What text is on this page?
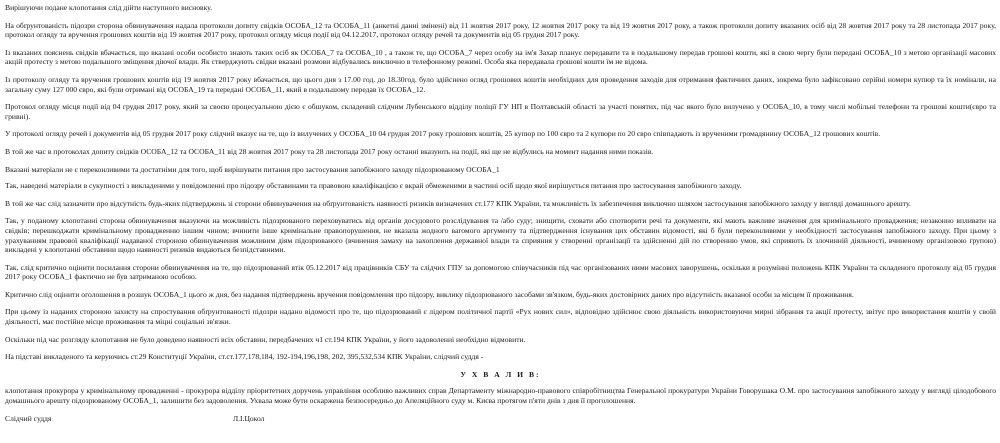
Вирішуючи подане клопотання слід дійти наступного висновку.

На обґрунтованість підозри сторона обвинувачення надала протоколи допиту свідків ОСОБА_12 та ОСОБА_11 (анкетні данні змінені) від 11 жовтня 2017 року, 12 жовтня 2017 року та від 19 жовтня 2017 року, а також протоколи допиту вказаних осіб від 28 жовтня 2017 року та 28 листопада 2017 року, протокол огляду та вручення грошових коштів від 19 жовтня 2017 року, протокол огляду місця події від 04.12.2017, протокол огляду речей та документів від 05 грудня 2017 року.

Із вказаних пояснень свідків вбачається, що вказані особи особисто знають таких осіб як ОСОБА_7 та ОСОБА_10 , а також те, що ОСОБА_7 через особу на ім'я Захар планує передавати та в подальшому передав грошові кошти, які в свою чергу були передані ОСОБА_10 з метою організації масових акцій протесту з метою подальшого зміщення діючої влади. Як стверджують свідки вказані розмови відбувались виключно в телефонному режимі. Особа яка передавала грошові кошти їм не відома.

Із протоколу огляду та вручення грошових коштів від 19 жовтня 2017 року вбачається, що цього дня з 17.00 год. до 18.30год. було здійснено огляд грошових коштів необхідних для проведення заходів для отримання фактичних даних, зокрема було зафіксовано серійні номери купюр та їх номінали, на загальну суму 127 000 євро, які були отримані від ОСОБА_19 та передані ОСОБА_11, який в подальшому передав їх ОСОБА_12.

Протокол огляду місця події від 04 грудня 2017 року, який за своєю процесуальною дією є обшуком, складений слідчим Лубенського відділу поліції ГУ НП в Полтавській області за участі понятих, під час якого було вилучено у ОСОБА_10, в тому числі мобільні телефони та грошові кошти(євро та гривні).

У протоколі огляду речей і документів від 05 грудня 2017 року слідчий вказує на те, що із вилучених у ОСОБА_10 04 грудня 2017 року грошових коштів, 25 купюр по 100 євро та 2 купюри по 20 євро співпадають із врученими громадянину ОСОБА_12 грошових коштів.

В той же час в протоколах допиту свідків ОСОБА_12 та ОСОБА_11 від 28 жовтня 2017 року та 28 листопада 2017 року останні вказують на події, які ще не відбулись на момент надання ними показів.

Вказані матеріали не є переконливими та достатніми для того, щоб вирішувати питання про застосування запобіжного заходу підозрюваному ОСОБА_1

Так, наведені матеріали в сукупності з викладеними у повідомленні про підозру обставинами та правовою кваліфікацією є вкрай обмеженими в частині осіб щодо якої вирішується питання про застосування запобіжного заходу.

В той же час слід зазначити про відсутність будь-яких підтверджень зі сторони обвинувачення на обґрунтованість наявності ризиків визначених ст.177 КПК України, та можливість їх забезпечення виключно шляхом застосування запобіжного заходу у вигляді домашнього арешту.

Так, у поданому клопотанні сторона обвинувачення вказуючи на можливість підозрюваного переховуватись від органів досудового розслідування та /або суду; знищити, сховати або спотворити речі та документи, які мають важливе значення для кримінального провадження; незаконно впливати на свідків; перешкоджати кримінальному провадженню іншим чином; вчинити інше кримінальне правопорушення, не вказала жодного вагомого аргументу та підтвердження існування цих обставин відомості, які б були переконливими у необхідності застосування запобіжного заходу. При цьому з урахуванням правової кваліфікації надаваної стороною обвинувачення можливим діям підозрюваного (вчинення замаху на захоплення державної влади та сприяння у створенні організації та здійсненні дій по створенню умов, які сприяють їх злочинній діяльності, вчиненому організовою групою) викладені у клопотанні обставини щодо наявності ризиків видаються безпідставними.

Так, слід критично оцінити посилання сторони обвинувачення на те, що підозрюваний втік 05.12.2017 від працівників СБУ та слідчих ГПУ за допомогою співучасників під час організованих ними масових заворушень, оскільки в розумінні положень КПК України та складеного протоколу від 05 грудня 2017 року ОСОБА_1 фактично не був затриманою особою.

Критично слід оцінити оголошення в розшук ОСОБА_1 цього ж дня, без надання підтверджень вручення повідомлення про підозру, виклику підозрюваного засобами зв'язком, будь-яких достовірних даних про відсутність вказаної особи за місцем її проживання.

При цьому із наданих стороною захисту на спростування обґрунтованості підозри надано відомості про те, що підозрюваний є лідером політичної партії «Рух нових сил», відповідно здійснює свою діяльність використовуючи мирні зібрання та акції протесту, звітує про використання коштів у своїй діяльності, має постійне місце проживання та міцні соціальні зв'язки.

Оскільки під час розгляду клопотання не було доведено наявності всіх обставин, передбачених ч1 ст.194 КПК України, у його задоволенні необхідно відмовити.

На підставі викладеного та керуючись ст.29 Конституції України, ст.ст.177,178,184, 192-194,196,198, 202, 395,532,534 КПК України, слідчий суддя -

У Х В А Л И В:

клопотання прокурора у кримінальному провадженні - прокурора відділу пріоритетних доручень управління особливо важливих справ Департаменту міжнародно-правового співробітництва Генеральної прокуратури України Говорушака О.М. про застосування запобіжного заходу у вигляді цілодобового домашнього арешту підозрюваному ОСОБА_1, залишити без задоволення. Ухвала може бути оскаржена безпосередньо до Апеляційного суду м. Києва протягом п'яти днів з дня її проголошення.

Слідчий суддя	Л.І.Цокол
